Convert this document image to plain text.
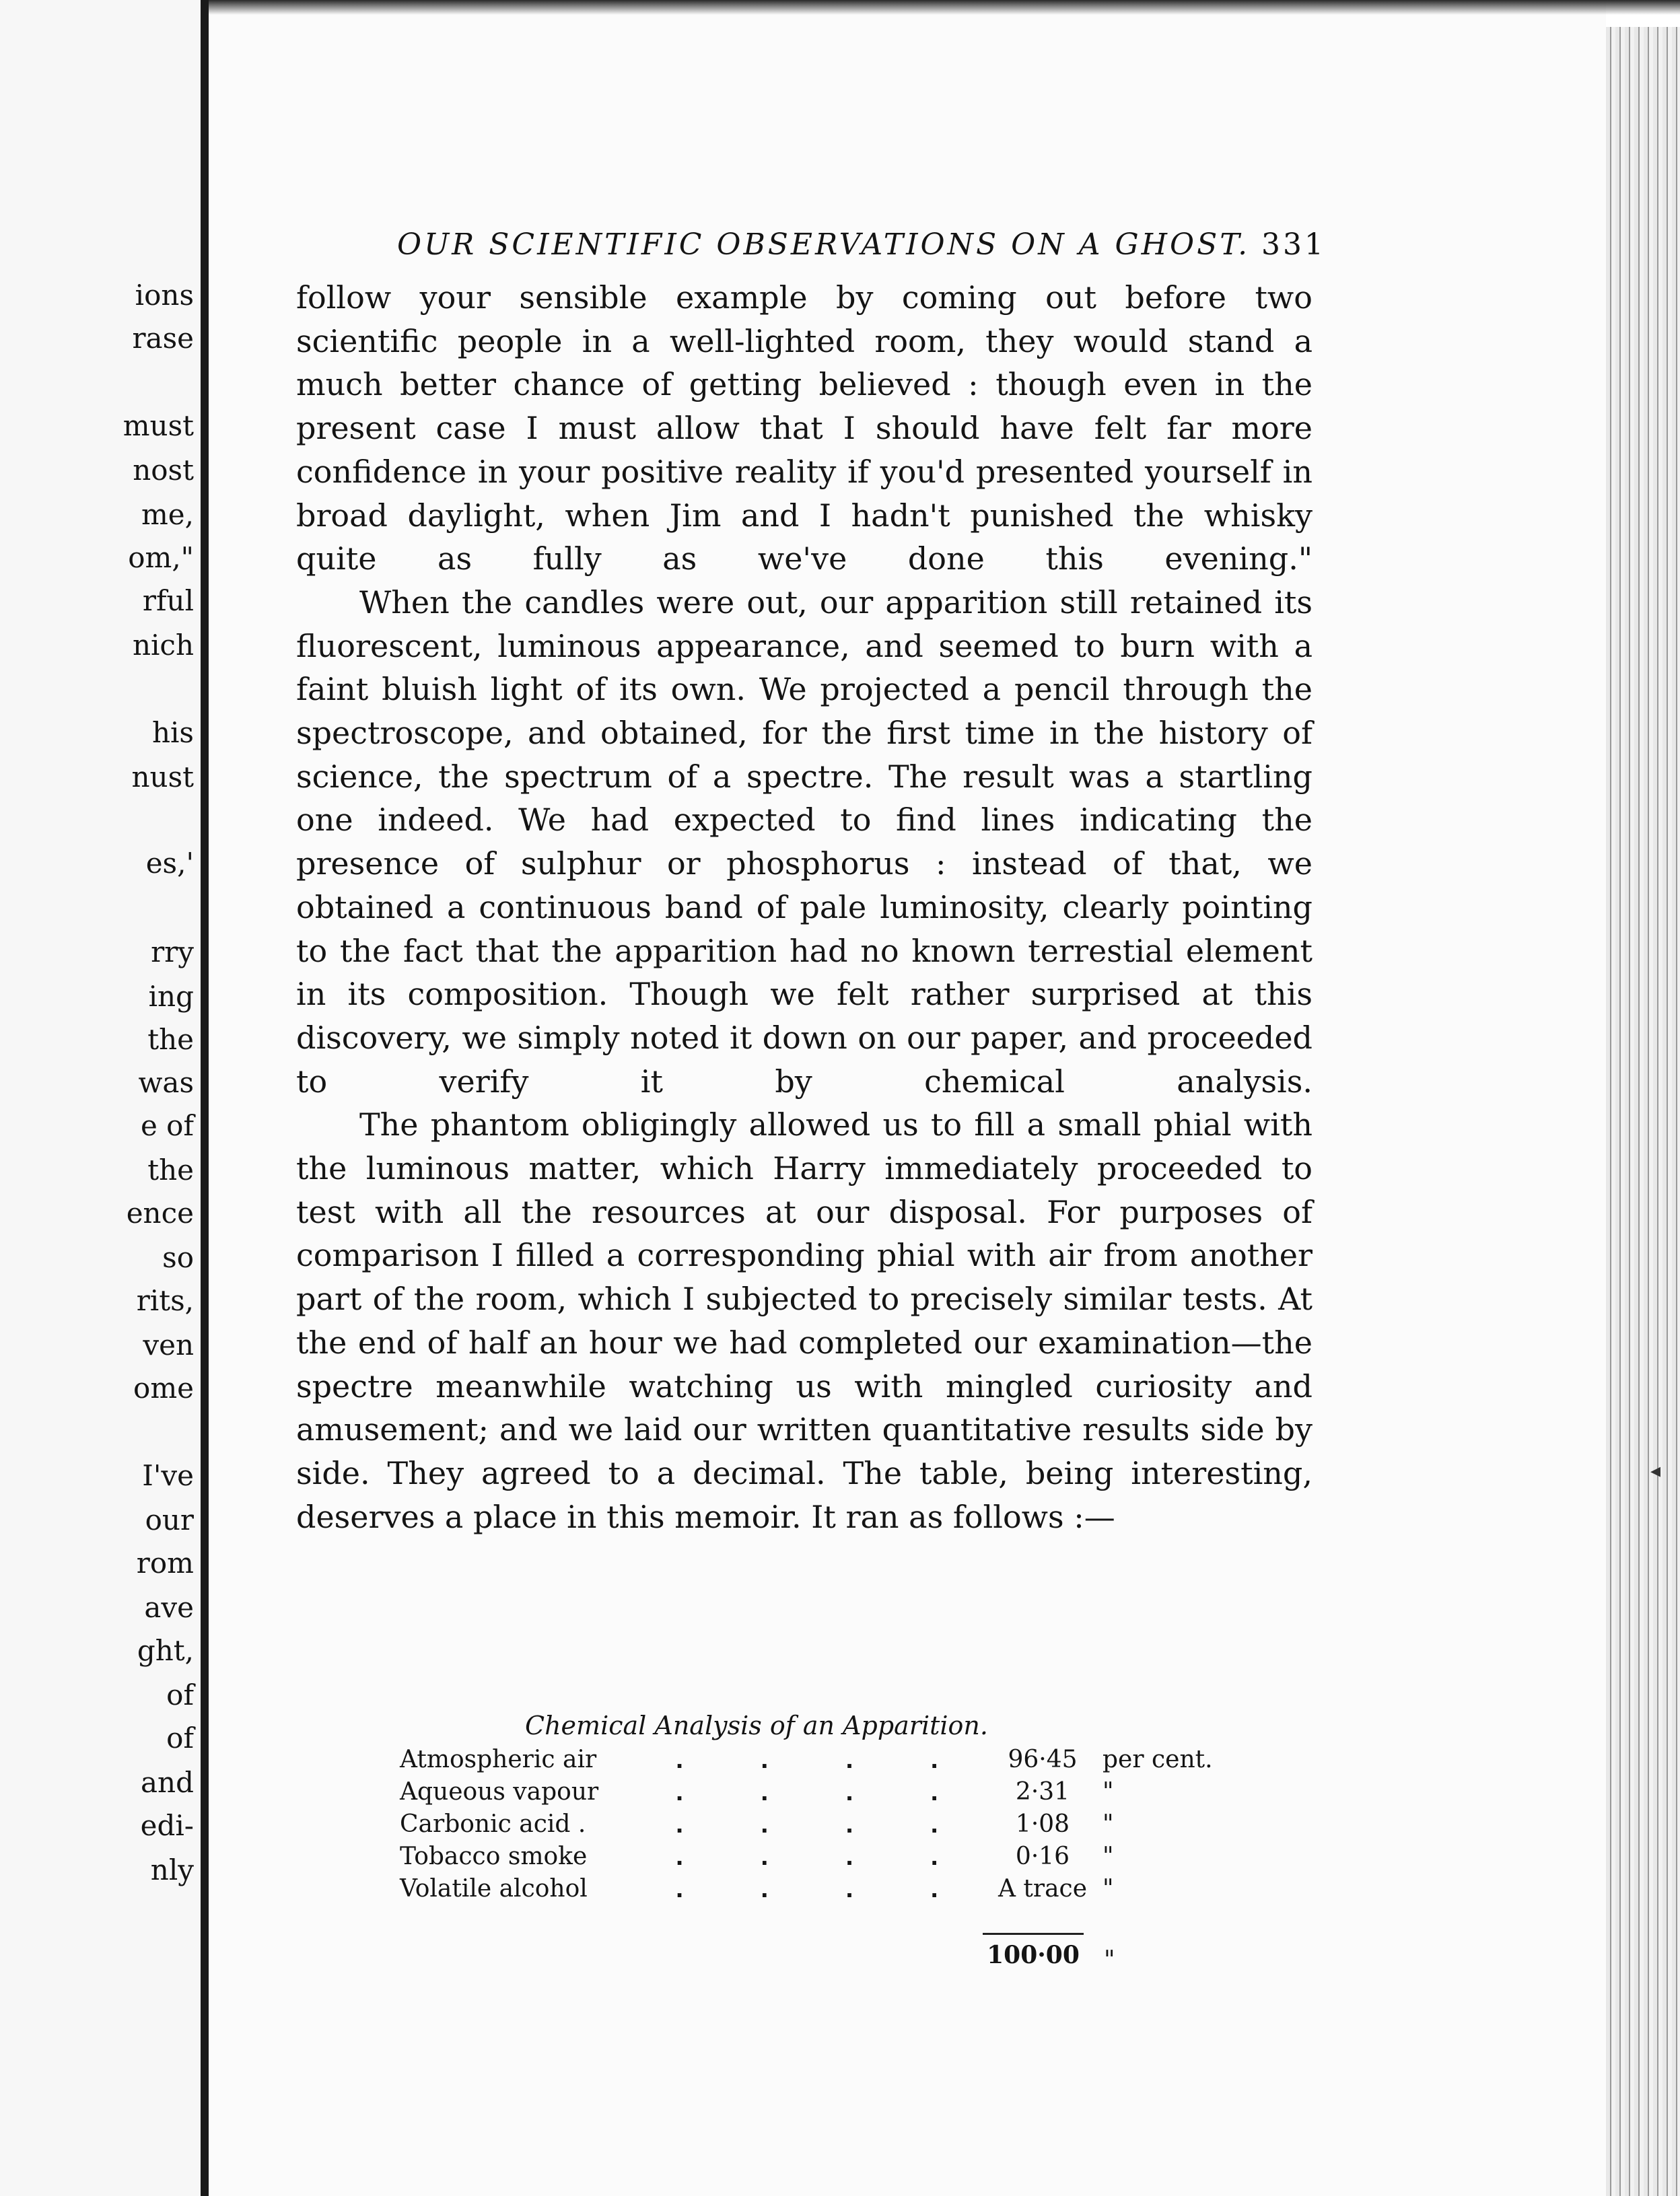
ions
rase
must
nost
me,
om,"
rful
nich
his
nust
es,'
rry
ing
the
was
e of
the
ence
so
rits,
ven
ome
I've
our
rom
ave
ght,
of
of
and
edi-
nly
OUR SCIENTIFIC OBSERVATIONS ON A GHOST. 331

follow your sensible example by coming out before two scientific people in a well-lighted room, they would stand a much better chance of getting believed : though even in the present case I must allow that I should have felt far more confidence in your positive reality if you'd presented yourself in broad daylight, when Jim and I hadn't punished the whisky quite as fully as we've done this evening."

When the candles were out, our apparition still retained its fluorescent, luminous appearance, and seemed to burn with a faint bluish light of its own. We projected a pencil through the spectroscope, and obtained, for the first time in the history of science, the spectrum of a spectre. The result was a startling one indeed. We had expected to find lines indicating the presence of sulphur or phosphorus : instead of that, we obtained a continuous band of pale luminosity, clearly pointing to the fact that the apparition had no known terrestial element in its composition. Though we felt rather surprised at this discovery, we simply noted it down on our paper, and proceeded to verify it by chemical analysis.

The phantom obligingly allowed us to fill a small phial with the luminous matter, which Harry immediately proceeded to test with all the resources at our disposal. For purposes of comparison I filled a corresponding phial with air from another part of the room, which I subjected to precisely similar tests. At the end of half an hour we had completed our examination—the spectre meanwhile watching us with mingled curiosity and amusement; and we laid our written quantitative results side by side. They agreed to a decimal. The table, being interesting, deserves a place in this memoir. It ran as follows :—

Chemical Analysis of an Apparition.
Atmospheric air	. . . .	96·45	per cent.
Aqueous vapour	. . . .	2·31	"
Carbonic acid .	. . . .	1·08	"
Tobacco smoke	. . . .	0·16	"
Volatile alcohol	. . . .	A trace	"
100·00 "
◂
